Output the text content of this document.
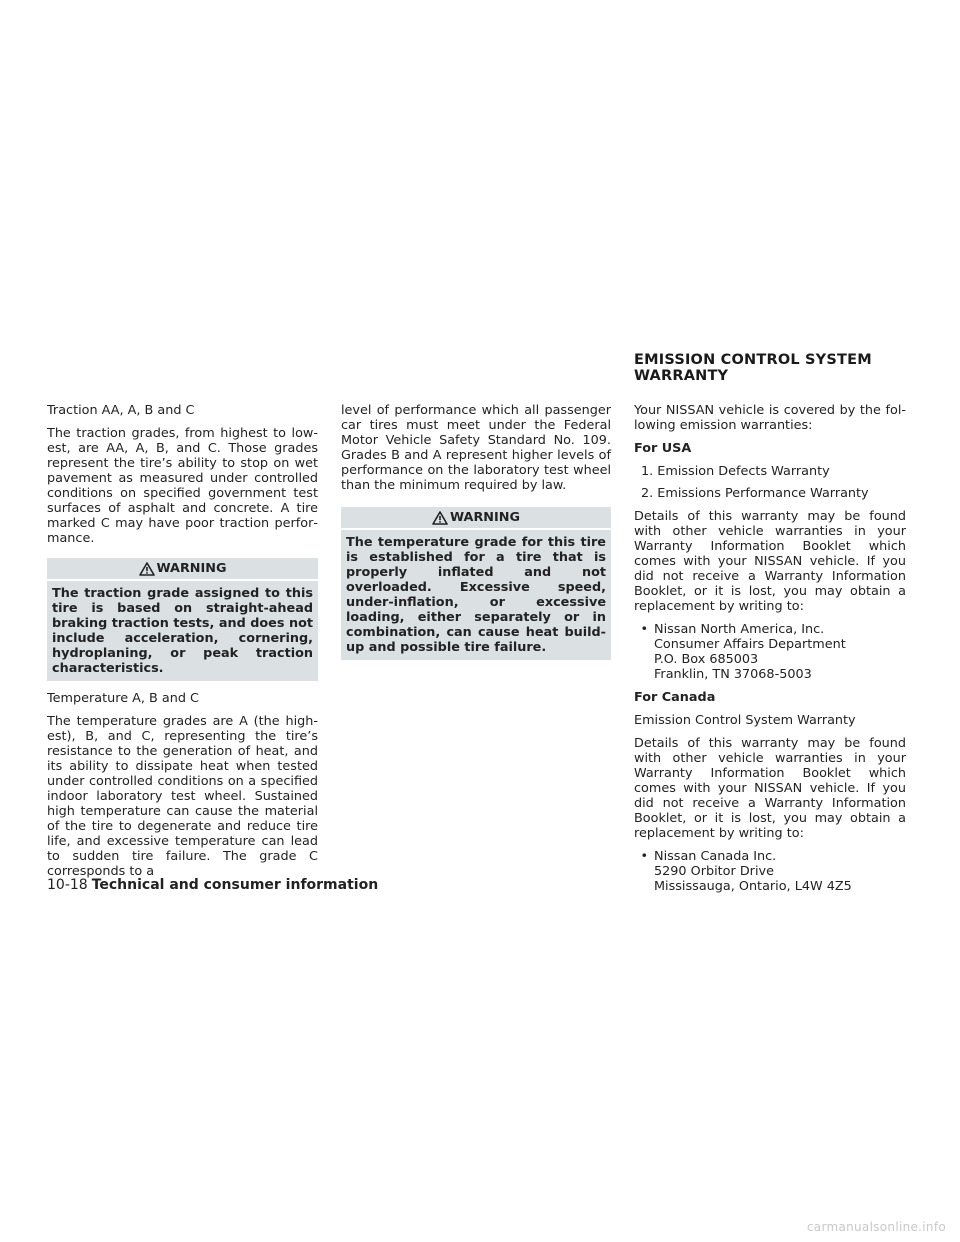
EMISSION CONTROL SYSTEM
WARRANTY

Traction AA, A, B and C

The traction grades, from highest to lowest, are AA, A, B, and C. Those grades represent the tire’s ability to stop on wet pavement as measured under controlled conditions on specified government test surfaces of asphalt and concrete. A tire marked C may have poor traction performance.

WARNING
The traction grade assigned to this tire is based on straight-ahead braking traction tests, and does not include acceleration, cornering, hydroplaning, or peak traction characteristics.

Temperature A, B and C

The temperature grades are A (the highest), B, and C, representing the tire’s resistance to the generation of heat, and its ability to dissipate heat when tested under controlled conditions on a specified indoor laboratory test wheel. Sustained high temperature can cause the material of the tire to degenerate and reduce tire life, and excessive temperature can lead to sudden tire failure. The grade C corresponds to a

level of performance which all passenger car tires must meet under the Federal Motor Vehicle Safety Standard No. 109. Grades B and A represent higher levels of performance on the laboratory test wheel than the minimum required by law.

WARNING
The temperature grade for this tire is established for a tire that is properly inflated and not overloaded. Excessive speed, under-inflation, or excessive loading, either separately or in combination, can cause heat build-up and possible tire failure.

Your NISSAN vehicle is covered by the following emission warranties:

For USA

1. Emission Defects Warranty
2. Emissions Performance Warranty

Details of this warranty may be found with other vehicle warranties in your Warranty Information Booklet which comes with your NISSAN vehicle. If you did not receive a Warranty Information Booklet, or it is lost, you may obtain a replacement by writing to:

• Nissan North America, Inc.
Consumer Affairs Department
P.O. Box 685003
Franklin, TN 37068-5003

For Canada

Emission Control System Warranty

Details of this warranty may be found with other vehicle warranties in your Warranty Information Booklet which comes with your NISSAN vehicle. If you did not receive a Warranty Information Booklet, or it is lost, you may obtain a replacement by writing to:

• Nissan Canada Inc.
5290 Orbitor Drive
Mississauga, Ontario, L4W 4Z5
10-18 Technical and consumer information
carmanualsonline.info
